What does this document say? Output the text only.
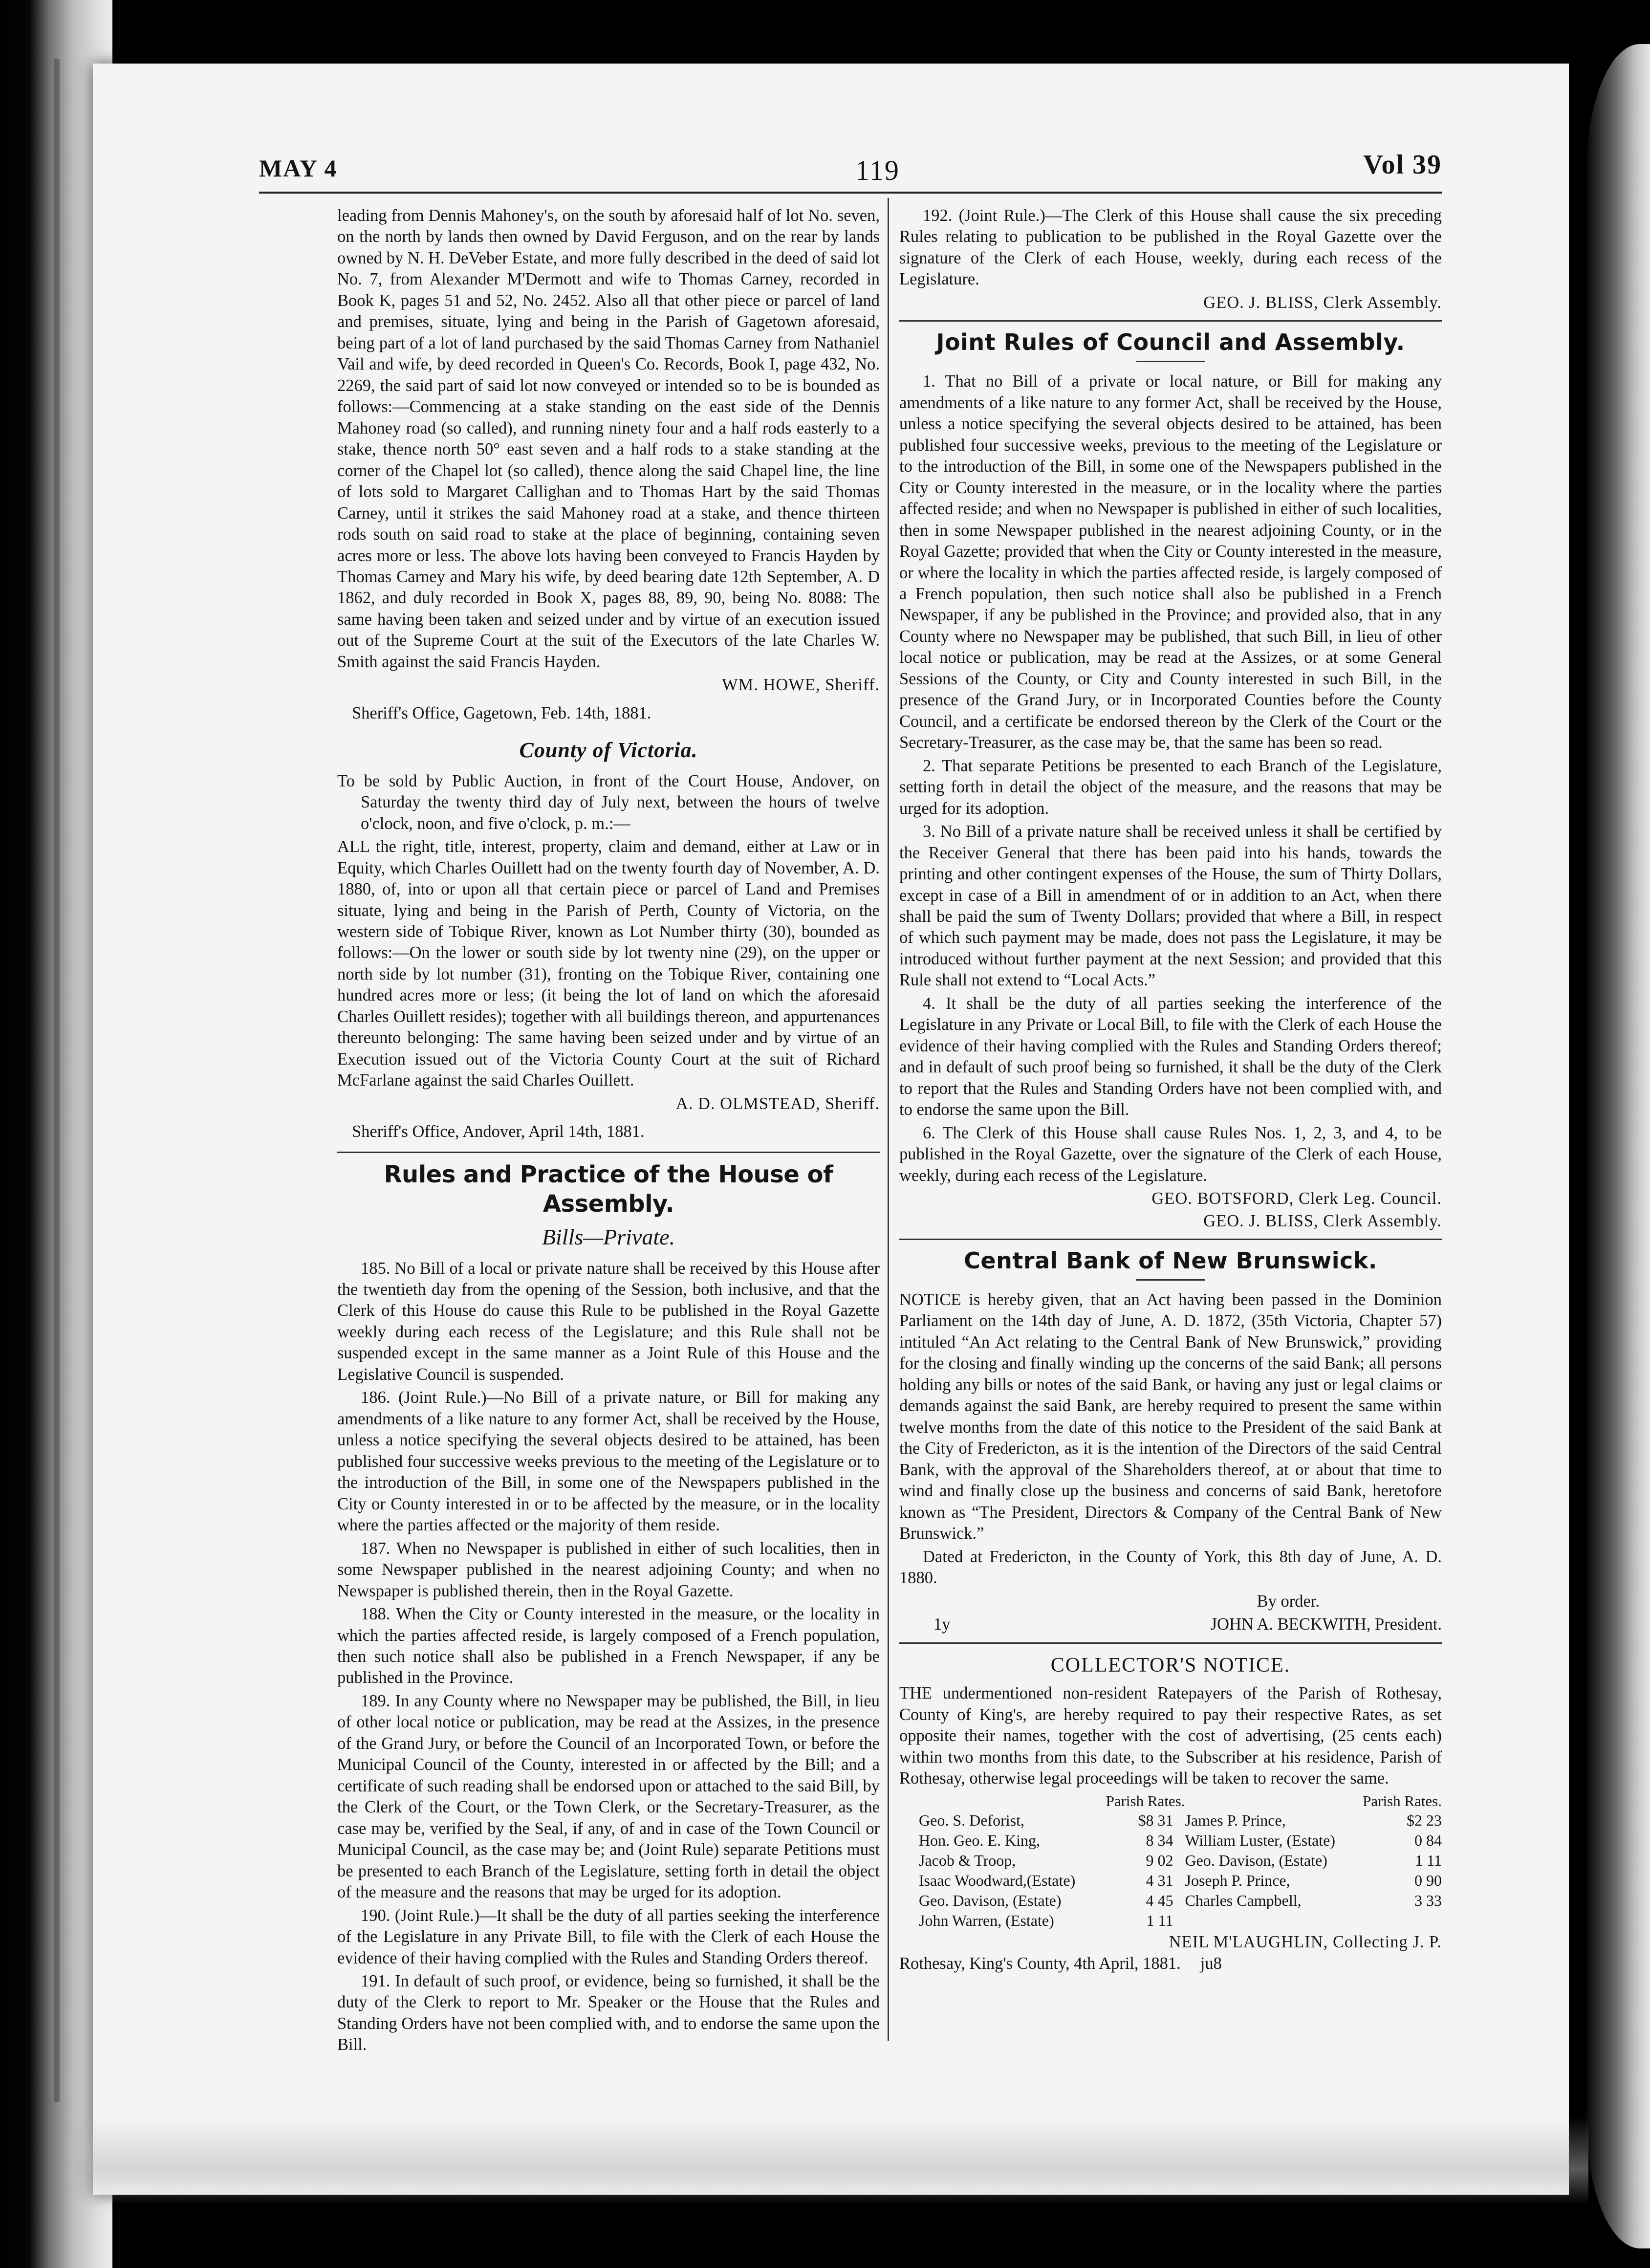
MAY 4	119	Vol 39

leading from Dennis Mahoney's, on the south by aforesaid half of lot No. seven, on the north by lands then owned by David Ferguson, and on the rear by lands owned by N. H. DeVeber Estate, and more fully described in the deed of said lot No. 7, from Alexander M'Dermott and wife to Thomas Carney, recorded in Book K, pages 51 and 52, No. 2452. Also all that other piece or parcel of land and premises, situate, lying and being in the Parish of Gagetown aforesaid, being part of a lot of land purchased by the said Thomas Carney from Nathaniel Vail and wife, by deed recorded in Queen's Co. Records, Book I, page 432, No. 2269, the said part of said lot now conveyed or intended so to be is bounded as follows:—Commencing at a stake standing on the east side of the Dennis Mahoney road (so called), and running ninety four and a half rods easterly to a stake, thence north 50° east seven and a half rods to a stake standing at the corner of the Chapel lot (so called), thence along the said Chapel line, the line of lots sold to Margaret Callighan and to Thomas Hart by the said Thomas Carney, until it strikes the said Mahoney road at a stake, and thence thirteen rods south on said road to stake at the place of beginning, containing seven acres more or less. The above lots having been conveyed to Francis Hayden by Thomas Carney and Mary his wife, by deed bearing date 12th September, A. D 1862, and duly recorded in Book X, pages 88, 89, 90, being No. 8088: The same having been taken and seized under and by virtue of an execution issued out of the Supreme Court at the suit of the Executors of the late Charles W. Smith against the said Francis Hayden.

WM. HOWE, Sheriff.

Sheriff's Office, Gagetown, Feb. 14th, 1881.

County of Victoria.

To be sold by Public Auction, in front of the Court House, Andover, on Saturday the twenty third day of July next, between the hours of twelve o'clock, noon, and five o'clock, p. m.:—

ALL the right, title, interest, property, claim and demand, either at Law or in Equity, which Charles Ouillett had on the twenty fourth day of November, A. D. 1880, of, into or upon all that certain piece or parcel of Land and Premises situate, lying and being in the Parish of Perth, County of Victoria, on the western side of Tobique River, known as Lot Number thirty (30), bounded as follows:—On the lower or south side by lot twenty nine (29), on the upper or north side by lot number (31), fronting on the Tobique River, containing one hundred acres more or less; (it being the lot of land on which the aforesaid Charles Ouillett resides); together with all buildings thereon, and appurtenances thereunto belonging: The same having been seized under and by virtue of an Execution issued out of the Victoria County Court at the suit of Richard McFarlane against the said Charles Ouillett.

A. D. OLMSTEAD, Sheriff.

Sheriff's Office, Andover, April 14th, 1881.

Rules and Practice of the House of Assembly.
Bills—Private.

185. No Bill of a local or private nature shall be received by this House after the twentieth day from the opening of the Session, both inclusive, and that the Clerk of this House do cause this Rule to be published in the Royal Gazette weekly during each recess of the Legislature; and this Rule shall not be suspended except in the same manner as a Joint Rule of this House and the Legislative Council is suspended.

186. (Joint Rule.)—No Bill of a private nature, or Bill for making any amendments of a like nature to any former Act, shall be received by the House, unless a notice specifying the several objects desired to be attained, has been published four successive weeks previous to the meeting of the Legislature or to the introduction of the Bill, in some one of the Newspapers published in the City or County interested in or to be affected by the measure, or in the locality where the parties affected or the majority of them reside.

187. When no Newspaper is published in either of such localities, then in some Newspaper published in the nearest adjoining County; and when no Newspaper is published therein, then in the Royal Gazette.

188. When the City or County interested in the measure, or the locality in which the parties affected reside, is largely composed of a French population, then such notice shall also be published in a French Newspaper, if any be published in the Province.

189. In any County where no Newspaper may be published, the Bill, in lieu of other local notice or publication, may be read at the Assizes, in the presence of the Grand Jury, or before the Council of an Incorporated Town, or before the Municipal Council of the County, interested in or affected by the Bill; and a certificate of such reading shall be endorsed upon or attached to the said Bill, by the Clerk of the Court, or the Town Clerk, or the Secretary-Treasurer, as the case may be, verified by the Seal, if any, of and in case of the Town Council or Municipal Council, as the case may be; and (Joint Rule) separate Petitions must be presented to each Branch of the Legislature, setting forth in detail the object of the measure and the reasons that may be urged for its adoption.

190. (Joint Rule.)—It shall be the duty of all parties seeking the interference of the Legislature in any Private Bill, to file with the Clerk of each House the evidence of their having complied with the Rules and Standing Orders thereof.

191. In default of such proof, or evidence, being so furnished, it shall be the duty of the Clerk to report to Mr. Speaker or the House that the Rules and Standing Orders have not been complied with, and to endorse the same upon the Bill.

192. (Joint Rule.)—The Clerk of this House shall cause the six preceding Rules relating to publication to be published in the Royal Gazette over the signature of the Clerk of each House, weekly, during each recess of the Legislature.

GEO. J. BLISS, Clerk Assembly.

Joint Rules of Council and Assembly.

1. That no Bill of a private or local nature, or Bill for making any amendments of a like nature to any former Act, shall be received by the House, unless a notice specifying the several objects desired to be attained, has been published four successive weeks, previous to the meeting of the Legislature or to the introduction of the Bill, in some one of the Newspapers published in the City or County interested in the measure, or in the locality where the parties affected reside; and when no Newspaper is published in either of such localities, then in some Newspaper published in the nearest adjoining County, or in the Royal Gazette; provided that when the City or County interested in the measure, or where the locality in which the parties affected reside, is largely composed of a French population, then such notice shall also be published in a French Newspaper, if any be published in the Province; and provided also, that in any County where no Newspaper may be published, that such Bill, in lieu of other local notice or publication, may be read at the Assizes, or at some General Sessions of the County, or City and County interested in such Bill, in the presence of the Grand Jury, or in Incorporated Counties before the County Council, and a certificate be endorsed thereon by the Clerk of the Court or the Secretary-Treasurer, as the case may be, that the same has been so read.

2. That separate Petitions be presented to each Branch of the Legislature, setting forth in detail the object of the measure, and the reasons that may be urged for its adoption.

3. No Bill of a private nature shall be received unless it shall be certified by the Receiver General that there has been paid into his hands, towards the printing and other contingent expenses of the House, the sum of Thirty Dollars, except in case of a Bill in amendment of or in addition to an Act, when there shall be paid the sum of Twenty Dollars; provided that where a Bill, in respect of which such payment may be made, does not pass the Legislature, it may be introduced without further payment at the next Session; and provided that this Rule shall not extend to “Local Acts.”

4. It shall be the duty of all parties seeking the interference of the Legislature in any Private or Local Bill, to file with the Clerk of each House the evidence of their having complied with the Rules and Standing Orders thereof; and in default of such proof being so furnished, it shall be the duty of the Clerk to report that the Rules and Standing Orders have not been complied with, and to endorse the same upon the Bill.

6. The Clerk of this House shall cause Rules Nos. 1, 2, 3, and 4, to be published in the Royal Gazette, over the signature of the Clerk of each House, weekly, during each recess of the Legislature.

GEO. BOTSFORD, Clerk Leg. Council.

GEO. J. BLISS, Clerk Assembly.

Central Bank of New Brunswick.

NOTICE is hereby given, that an Act having been passed in the Dominion Parliament on the 14th day of June, A. D. 1872, (35th Victoria, Chapter 57) intituled “An Act relating to the Central Bank of New Brunswick,” providing for the closing and finally winding up the concerns of the said Bank; all persons holding any bills or notes of the said Bank, or having any just or legal claims or demands against the said Bank, are hereby required to present the same within twelve months from the date of this notice to the President of the said Bank at the City of Fredericton, as it is the intention of the Directors of the said Central Bank, with the approval of the Shareholders thereof, at or about that time to wind and finally close up the business and concerns of said Bank, heretofore known as “The President, Directors & Company of the Central Bank of New Brunswick.”

Dated at Fredericton, in the County of York, this 8th day of June, A. D. 1880.

By order.

1y	JOHN A. BECKWITH, President.

COLLECTOR'S NOTICE.

THE undermentioned non-resident Ratepayers of the Parish of Rothesay, County of King's, are hereby required to pay their respective Rates, as set opposite their names, together with the cost of advertising, (25 cents each) within two months from this date, to the Subscriber at his residence, Parish of Rothesay, otherwise legal proceedings will be taken to recover the same.

	Parish Rates.		Parish Rates.
Geo. S. Deforist,	$8 31	James P. Prince,	$2 23
Hon. Geo. E. King,	8 34	William Luster, (Estate)	0 84
Jacob & Troop,	9 02	Geo. Davison, (Estate)	1 11
Isaac Woodward,(Estate)	4 31	Joseph P. Prince,	0 90
Geo. Davison, (Estate)	4 45	Charles Campbell,	3 33
John Warren, (Estate)	1 11		

NEIL M'LAUGHLIN, Collecting J. P.

Rothesay, King's County, 4th April, 1881. ju8
